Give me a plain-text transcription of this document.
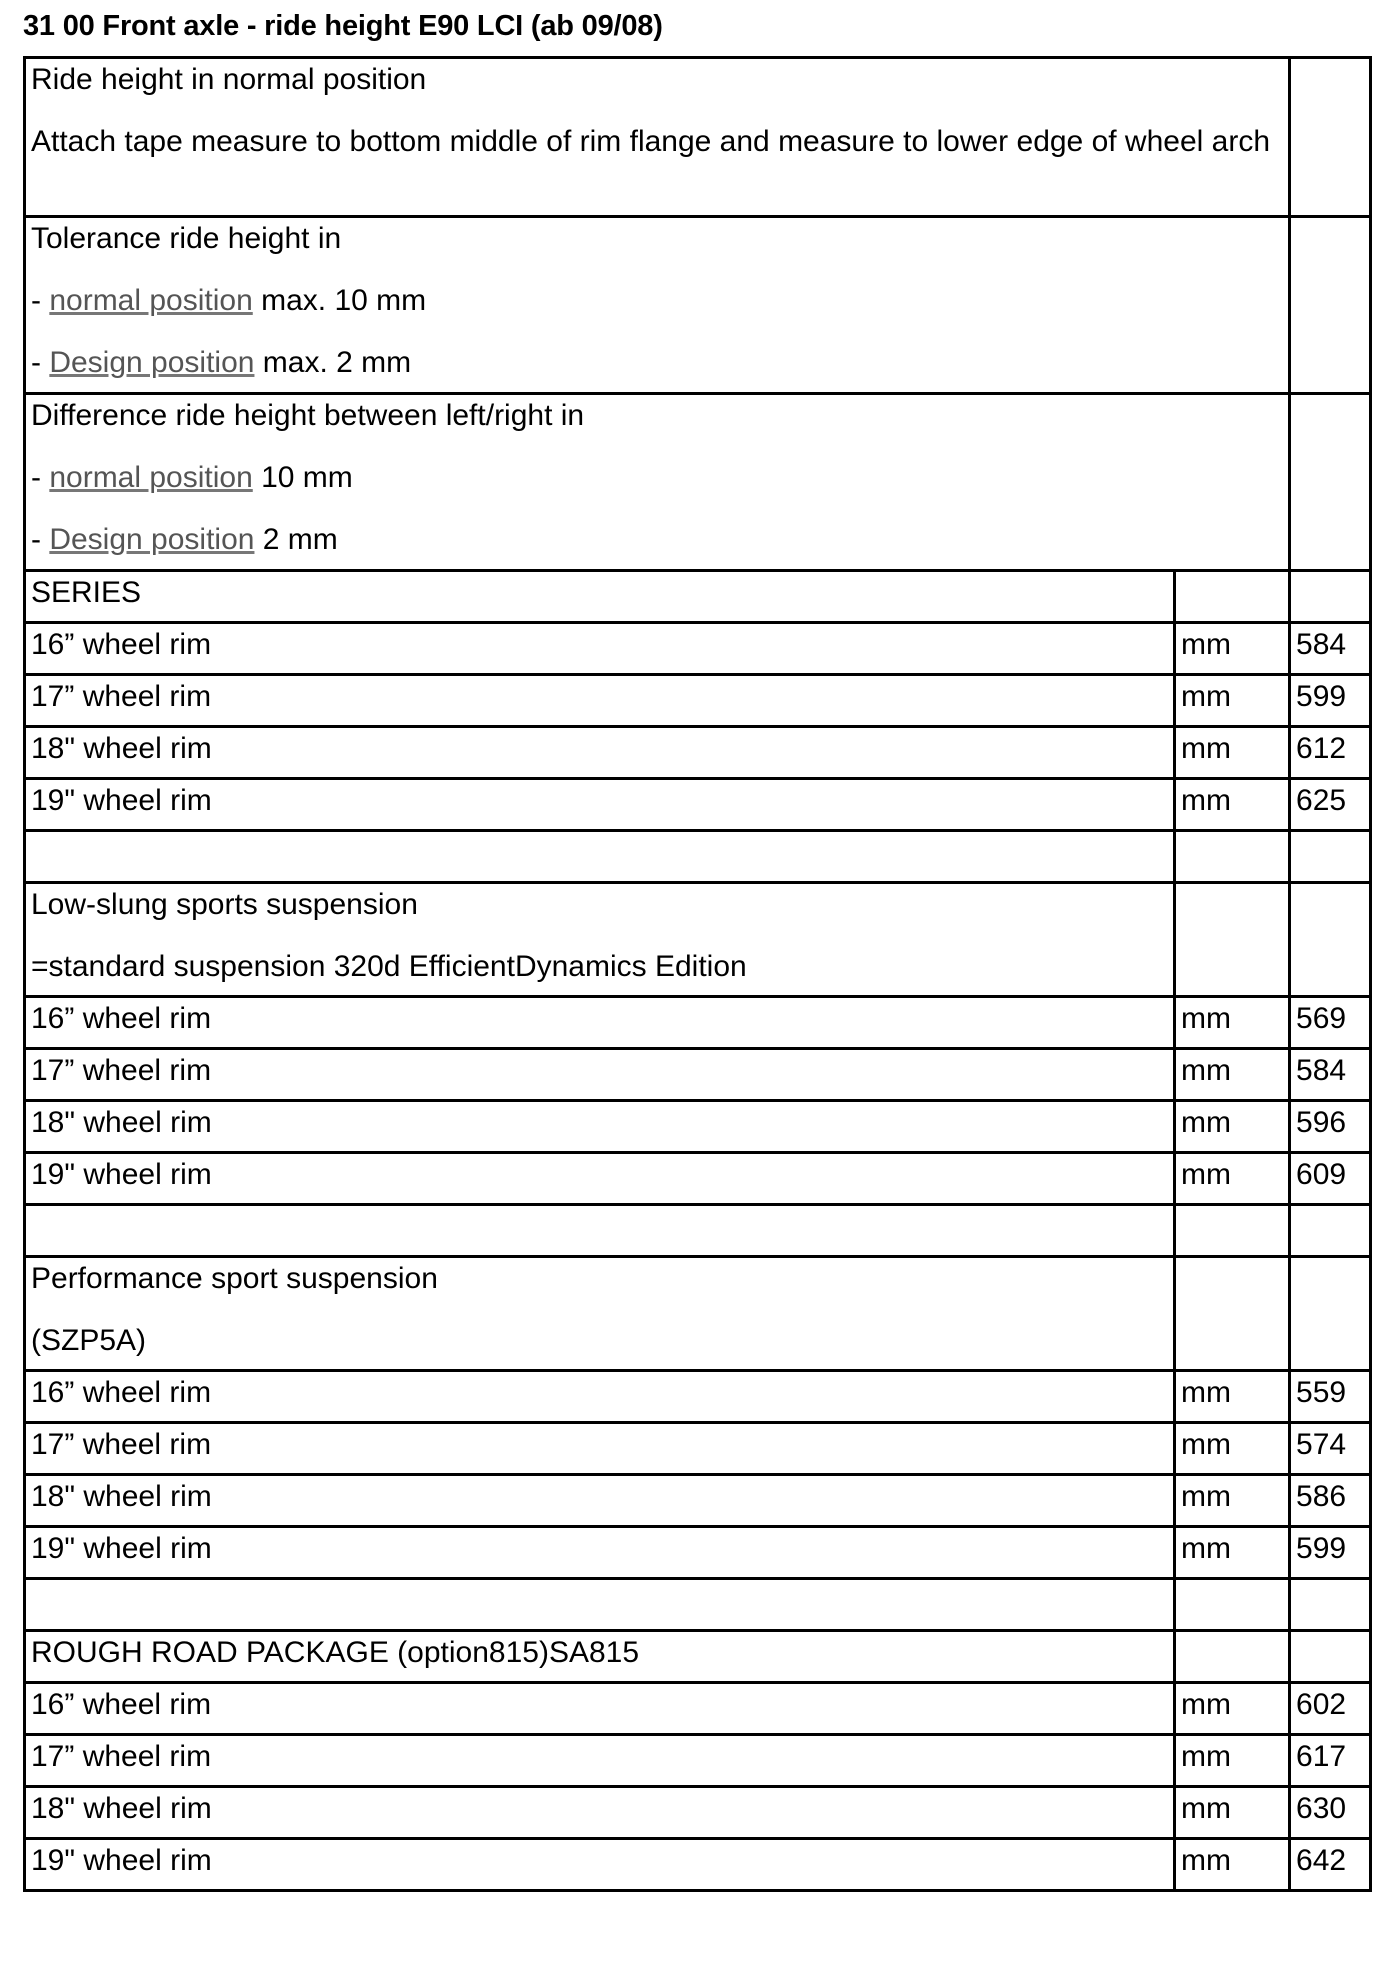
31 00 Front axle - ride height E90 LCI (ab 09/08)
Ride height in normal position
Attach tape measure to bottom middle of rim flange and measure to lower edge of wheel arch		

Tolerance ride height in
- normal position max. 10 mm
- Design position max. 2 mm		

Difference ride height between left/right in
- normal position 10 mm
- Design position 2 mm		

SERIES		
16” wheel rim	mm	584
17” wheel rim	mm	599
18" wheel rim	mm	612
19" wheel rim	mm	625

Low-slung sports suspension
=standard suspension 320d EfficientDynamics Edition		

16” wheel rim	mm	569
17” wheel rim	mm	584
18" wheel rim	mm	596
19" wheel rim	mm	609

Performance sport suspension
(SZP5A)		

16” wheel rim	mm	559
17” wheel rim	mm	574
18" wheel rim	mm	586
19" wheel rim	mm	599

ROUGH ROAD PACKAGE (option815)SA815		
16” wheel rim	mm	602
17” wheel rim	mm	617
18" wheel rim	mm	630
19" wheel rim	mm	642
